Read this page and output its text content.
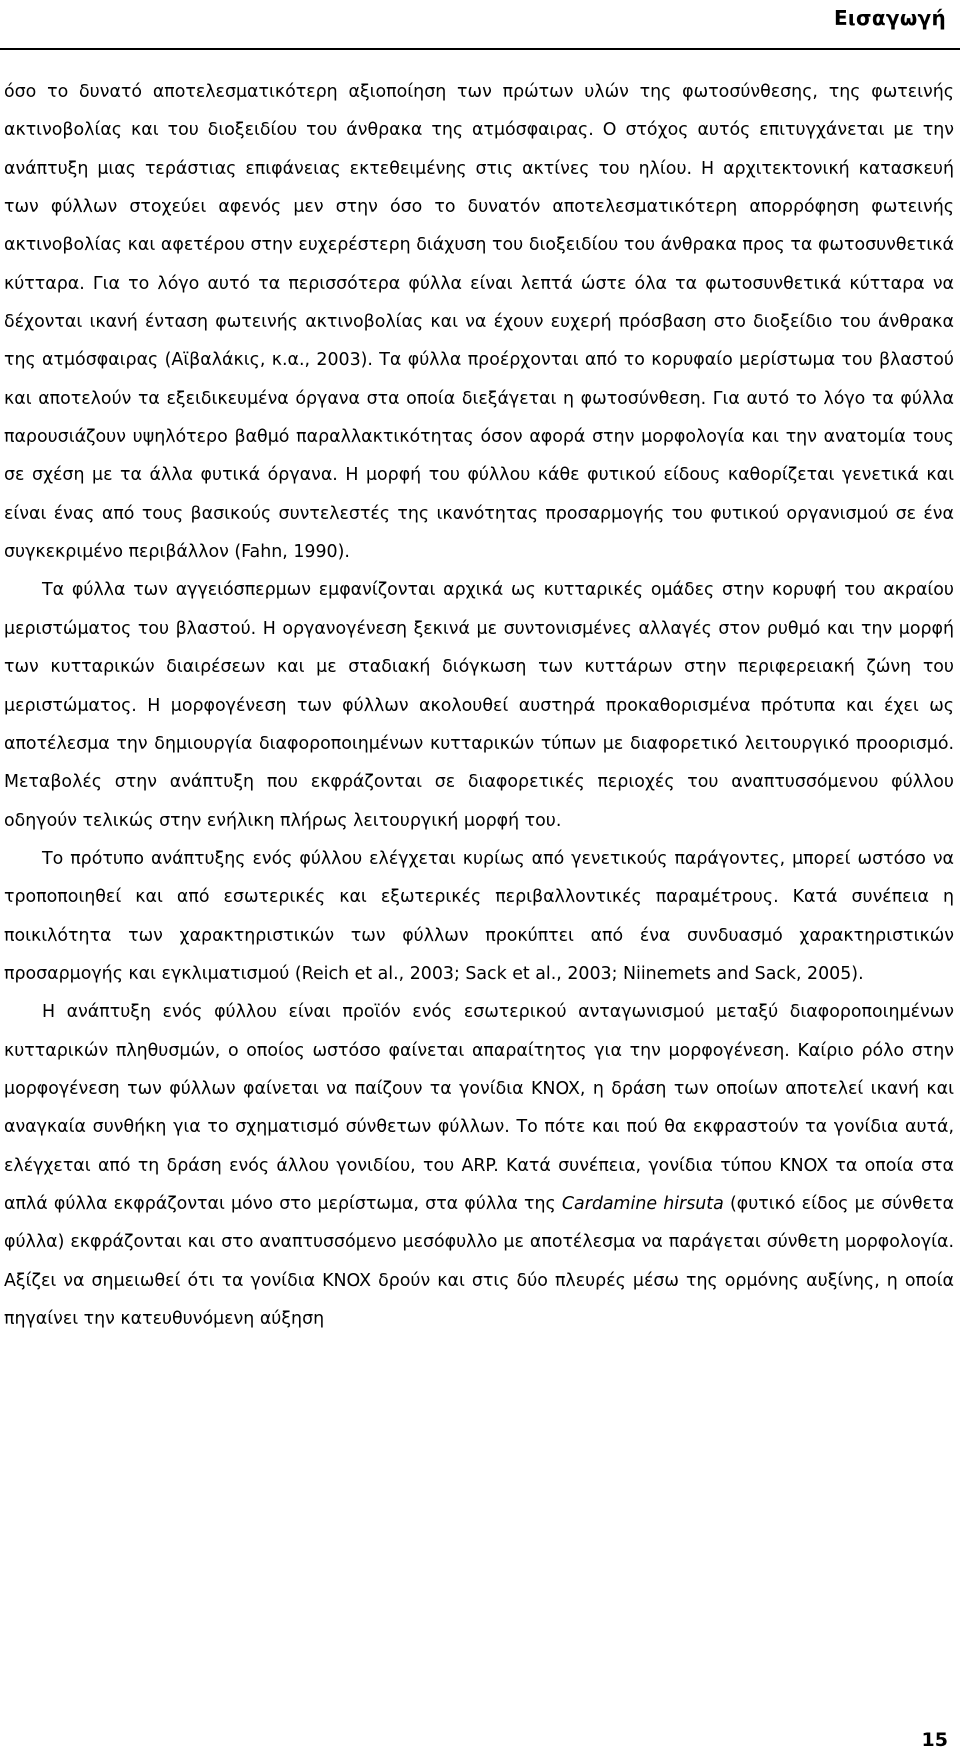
Εισαγωγή

όσο το δυνατό αποτελεσματικότερη αξιοποίηση των πρώτων υλών της φωτοσύνθεσης, της φωτεινής ακτινοβολίας και του διοξειδίου του άνθρακα της ατμόσφαιρας. Ο στόχος αυτός επιτυγχάνεται με την ανάπτυξη μιας τεράστιας επιφάνειας εκτεθειμένης στις ακτίνες του ηλίου. Η αρχιτεκτονική κατασκευή των φύλλων στοχεύει αφενός μεν στην όσο το δυνατόν αποτελεσματικότερη απορρόφηση φωτεινής ακτινοβολίας και αφετέρου στην ευχερέστερη διάχυση του διοξειδίου του άνθρακα προς τα φωτοσυνθετικά κύτταρα. Για το λόγο αυτό τα περισσότερα φύλλα είναι λεπτά ώστε όλα τα φωτοσυνθετικά κύτταρα να δέχονται ικανή ένταση φωτεινής ακτινοβολίας και να έχουν ευχερή πρόσβαση στο διοξείδιο του άνθρακα της ατμόσφαιρας (Αϊβαλάκις, κ.α., 2003). Τα φύλλα προέρχονται από το κορυφαίο μερίστωμα του βλαστού και αποτελούν τα εξειδικευμένα όργανα στα οποία διεξάγεται η φωτοσύνθεση. Για αυτό το λόγο τα φύλλα παρουσιάζουν υψηλότερο βαθμό παραλλακτικότητας όσον αφορά στην μορφολογία και την ανατομία τους σε σχέση με τα άλλα φυτικά όργανα. Η μορφή του φύλλου κάθε φυτικού είδους καθορίζεται γενετικά και είναι ένας από τους βασικούς συντελεστές της ικανότητας προσαρμογής του φυτικού οργανισμού σε ένα συγκεκριμένο περιβάλλον (Fahn, 1990).

Τα φύλλα των αγγειόσπερμων εμφανίζονται αρχικά ως κυτταρικές ομάδες στην κορυφή του ακραίου μεριστώματος του βλαστού. Η οργανογένεση ξεκινά με συντονισμένες αλλαγές στον ρυθμό και την μορφή των κυτταρικών διαιρέσεων και με σταδιακή διόγκωση των κυττάρων στην περιφερειακή ζώνη του μεριστώματος. Η μορφογένεση των φύλλων ακολουθεί αυστηρά προκαθορισμένα πρότυπα και έχει ως αποτέλεσμα την δημιουργία διαφοροποιημένων κυτταρικών τύπων με διαφορετικό λειτουργικό προορισμό. Μεταβολές στην ανάπτυξη που εκφράζονται σε διαφορετικές περιοχές του αναπτυσσόμενου φύλλου οδηγούν τελικώς στην ενήλικη πλήρως λειτουργική μορφή του.

Το πρότυπο ανάπτυξης ενός φύλλου ελέγχεται κυρίως από γενετικούς παράγοντες, μπορεί ωστόσο να τροποποιηθεί και από εσωτερικές και εξωτερικές περιβαλλοντικές παραμέτρους. Κατά συνέπεια η ποικιλότητα των χαρακτηριστικών των φύλλων προκύπτει από ένα συνδυασμό χαρακτηριστικών προσαρμογής και εγκλιματισμού (Reich et al., 2003; Sack et al., 2003; Niinemets and Sack, 2005).

Η ανάπτυξη ενός φύλλου είναι προϊόν ενός εσωτερικού ανταγωνισμού μεταξύ διαφοροποιημένων κυτταρικών πληθυσμών, ο οποίος ωστόσο φαίνεται απαραίτητος για την μορφογένεση. Καίριο ρόλο στην μορφογένεση των φύλλων φαίνεται να παίζουν τα γονίδια KNOX, η δράση των οποίων αποτελεί ικανή και αναγκαία συνθήκη για το σχηματισμό σύνθετων φύλλων. Το πότε και πού θα εκφραστούν τα γονίδια αυτά, ελέγχεται από τη δράση ενός άλλου γονιδίου, του ARP. Κατά συνέπεια, γονίδια τύπου KNOX τα οποία στα απλά φύλλα εκφράζονται μόνο στο μερίστωμα, στα φύλλα της Cardamine hirsuta (φυτικό είδος με σύνθετα φύλλα) εκφράζονται και στο αναπτυσσόμενο μεσόφυλλο με αποτέλεσμα να παράγεται σύνθετη μορφολογία. Αξίζει να σημειωθεί ότι τα γονίδια KNOX δρούν και στις δύο πλευρές μέσω της ορμόνης αυξίνης, η οποία πηγαίνει την κατευθυνόμενη αύξηση

15
